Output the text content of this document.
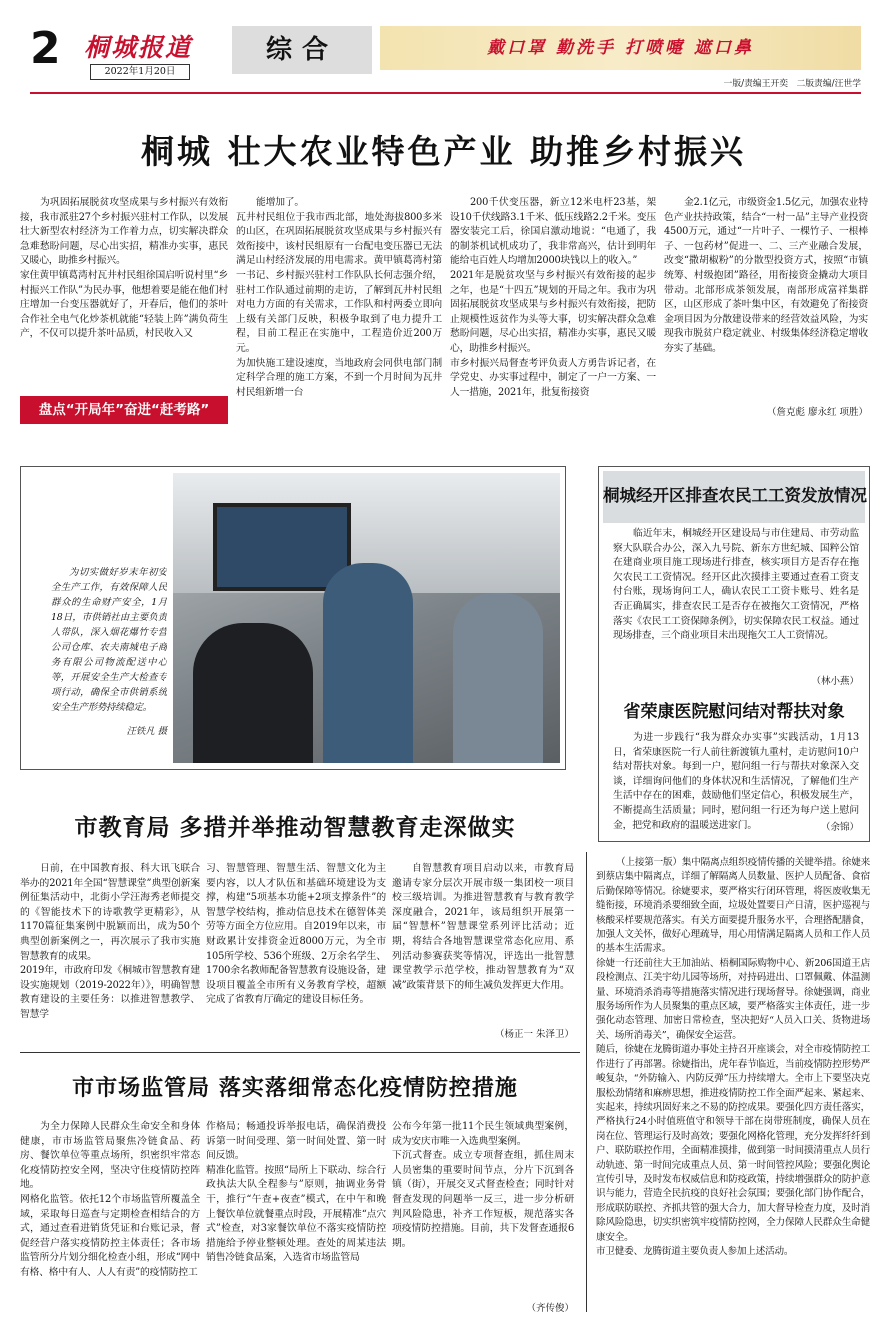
2 桐城报道
2022年1月20日
综合	戴口罩 勤洗手 打喷嚏 遮口鼻
一版/责编王开奕   二版责编/汪世学
桐城 壮大农业特色产业 助推乡村振兴
为巩固拓展脱贫攻坚成果与乡村振兴有效衔接，我市派驻27个乡村振兴驻村工作队，以发展壮大新型农村经济为工作着力点，切实解决群众急难愁盼问题，尽心出实招，精准办实事，惠民又暖心，助推乡村振兴。
家住黄甲镇葛湾村瓦井村民组徐国启听说村里“乡村振兴工作队”为民办事，他想着要是能在他们村庄增加一台变压器就好了，开春后，他们的茶叶合作社全电气化炒茶机就能“轻装上阵”满负荷生产，不仅可以提升茶叶品质，村民收入又
盘点“开局年”奋进“赶考路”
能增加了。
瓦井村民组位于我市西北部，地处海拔800多米的山区，在巩固拓展脱贫攻坚成果与乡村振兴有效衔接中，该村民组原有一台配电变压器已无法满足山村经济发展的用电需求。黄甲镇葛湾村第一书记、乡村振兴驻村工作队队长何志强介绍，驻村工作队通过前期的走访，了解到瓦井村民组对电力方面的有关需求，工作队和村两委立即向上级有关部门反映，积极争取到了电力提升工程，目前工程正在实施中，工程造价近200万元。
为加快施工建设速度，当地政府会同供电部门制定科学合理的施工方案，不到一个月时间为瓦井村民组新增一台
200千伏变压器，新立12米电杆23基，架设10千伏线路3.1千米、低压线路2.2千米。变压器安装完工后，徐国启激动地说：“电通了，我的制茶机试机成功了，我非常高兴，估计到明年能给屯百姓人均增加2000块钱以上的收入。”
2021年是脱贫攻坚与乡村振兴有效衔接的起步之年，也是“十四五”规划的开局之年。我市为巩固拓展脱贫攻坚成果与乡村振兴有效衔接，把防止规模性返贫作为头等大事，切实解决群众急难愁盼问题，尽心出实招，精准办实事，惠民又暖心，助推乡村振兴。
市乡村振兴局督查考评负责人方勇告诉记者，在学党史、办实事过程中，制定了一户一方案、一人一措施，2021年，批复衔接资
金2.1亿元，市级资金1.5亿元，加强农业特色产业扶持政策，结合“一村一品”主导产业投资4500万元，通过“一片叶子、一棵竹子、一根棒子、一包药材”促进一、二、三产业融合发展，改变“撒胡椒粉”的分散型投资方式，按照“市镇统筹、村级抱团”路径，用衔接资金撬动大项目带动。北部形成茶领发展，南部形成富祥集群区，山区形成了茶叶集中区，有效避免了衔接资金项目因为分散建设带来的经营效益风险，为实现我市脱贫户稳定就业、村级集体经济稳定增收夯实了基础。
（詹克彪 廖永红 项胜）
为切实做好岁末年初安全生产工作，有效保障人民群众的生命财产安全，1月18日，市供销社由主要负责人带队，深入烟花爆竹专营公司仓库、农夫南城电子商务有限公司物流配送中心等，开展安全生产大检查专项行动，确保全市供销系统安全生产形势持续稳定。
汪铁凡 摄
桐城经开区排查农民工工资发放情况
临近年末，桐城经开区建设局与市住建局、市劳动监察大队联合办公，深入九号院、新东方世纪城、国粹公馆在建商业项目施工现场进行排查，核实项目方是否存在拖欠农民工工资情况。经开区此次摸排主要通过查看工资支付台账，现场询问工人，确认农民工工资卡账号、姓名是否正确属实，排查农民工是否存在被拖欠工资情况，严格落实《农民工工资保障条例》，切实保障农民工权益。通过现场排查，三个商业项目未出现拖欠工人工资情况。
（林小燕）
省荣康医院慰问结对帮扶对象
为进一步践行“我为群众办实事”实践活动，1月13日，省荣康医院一行人前往新渡镇九重村，走访慰问10户结对帮扶对象。每到一户，慰问组一行与帮扶对象深入交谈，详细询问他们的身体状况和生活情况，了解他们生产生活中存在的困难，鼓励他们坚定信心，积极发展生产，不断提高生活质量；同时，慰问组一行还为每户送上慰问金，把党和政府的温暖送进家门。	（余锦）
市教育局 多措并举推动智慧教育走深做实
日前，在中国教育报、科大讯飞联合举办的2021年全国“智慧课堂”典型创新案例征集活动中，北街小学汪海秀老师提交的《智能技术下的诗歌教学更精彩》，从1170篇征集案例中脱颖而出，成为50个典型创新案例之一，再次展示了我市实施智慧教育的成果。
2019年，市政府印发《桐城市智慧教育建设实施规划（2019-2022年）》，明确智慧教育建设的主要任务：以推进智慧教学、智慧学
习、智慧管理、智慧生活、智慧文化为主要内容，以人才队伍和基础环境建设为支撑，构建“5项基本功能+2项支撑条件”的智慧学校结构，推动信息技术在德智体美劳等方面全方位应用。自2019年以来，市财政累计安排资金近8000万元，为全市105所学校、536个班级、2万余名学生、1700余名教师配备智慧教育设施设备，建设项目覆盖全市所有义务教育学校，超额完成了省教育厅确定的建设目标任务。
自智慧教育项目启动以来，市教育局邀请专家分层次开展市级一集团校一项目校三级培训。为推进智慧教育与教育教学深度融合，2021年，该局组织开展第一届“智慧杯”智慧课堂系列评比活动；近期，将结合各地智慧课堂常态化应用、系列活动参赛获奖等情况，评选出一批智慧课堂教学示范学校，推动智慧教育为“双减”政策背景下的师生减负发挥更大作用。
（杨正一 朱泽卫）
市市场监管局 落实落细常态化疫情防控措施
为全力保障人民群众生命安全和身体健康，市市场监管局聚焦冷链食品、药房、餐饮单位等重点场所，织密织牢常态化疫情防控安全网，坚决守住疫情防控阵地。
网格化监管。依托12个市场监管所覆盖全域，采取每日巡查与定期检查相结合的方式，通过查看进销货凭证和台账记录，督促经营户落实疫情防控主体责任；各市场监管所分片划分细化检查小组，形成“网中有格、格中有人、人人有责”的疫情防控工
作格局；畅通投诉举报电话，确保消费投诉第一时间受理、第一时间处置、第一时间反馈。
精准化监管。按照“局所上下联动、综合行政执法大队全程参与”原则，抽调业务骨干，推行“午查+夜查”模式，在中午和晚上餐饮单位就餐重点时段，开展精准“点穴式”检查，对3家餐饮单位不落实疫情防控措施给予停业整顿处理。查处的周某违法销售冷链食品案，入选省市场监管局
公布今年第一批11个民生领域典型案例，成为安庆市唯一入选典型案例。
下沉式督查。成立专项督查组，抓住周末人员密集的重要时间节点，分片下沉到各镇（街），开展交叉式督查检查；同时针对督查发现的问题举一反三，进一步分析研判风险隐患，补齐工作短板，规范落实各项疫情防控措施。目前，共下发督查通报6期。
（齐传俊）
（上接第一版）集中隔离点组织疫情传播的关键举措。徐婕来到蔡店集中隔离点，详细了解隔离人员数量、医护人员配备、食宿后勤保障等情况。徐婕要求，要严格实行闭环管理，将医废收集无缝衔接，环境消杀要细致全面，垃圾处置要日产日清，医护巡视与核酸采样要规范落实。有关方面要提升服务水平，合理搭配膳食，加强人文关怀，做好心理疏导，用心用情满足隔离人员和工作人员的基本生活需求。
徐婕一行还前往大王加油站、梧桐国际购物中心、新206国道王店段检测点、江美宇幼儿园等场所，对持码进出、口罩佩戴、体温测量、环境消杀消毒等措施落实情况进行现场督导。徐婕强调，商业服务场所作为人员聚集的重点区域，要严格落实主体责任，进一步强化动态管理、加密日常检查，坚决把好“人员入口关、货物进场关、场所消毒关”，确保安全运营。
随后，徐婕在龙腾街道办事处主持召开座谈会，对全市疫情防控工作进行了再部署。徐婕指出，虎年春节临近，当前疫情防控形势严峻复杂，“外防输入、内防反弹”压力持续增大。全市上下要坚决克服松劲情绪和麻痹思想，推进疫情防控工作全面严起来、紧起来、实起来，持续巩固好来之不易的防控成果。要强化四方责任落实，严格执行24小时值班值守和领导干部在岗带班制度，确保人员在岗在位、管理运行及时高效；要强化网格化管理，充分发挥纤纤到户、联防联控作用，全面精准摸排，做到第一时间摸清重点人员行动轨迹、第一时间完成重点人员、第一时间管控风险；要强化舆论宣传引导，及时发布权威信息和防疫政策，持续增强群众的防护意识与能力，营造全民抗疫的良好社会氛围；要强化部门协作配合，形成联防联控、齐抓共管的强大合力，加大督导检查力度，及时消除风险隐患，切实织密筑牢疫情防控网，全力保障人民群众生命健康安全。
市卫健委、龙腾街道主要负责人参加上述活动。
